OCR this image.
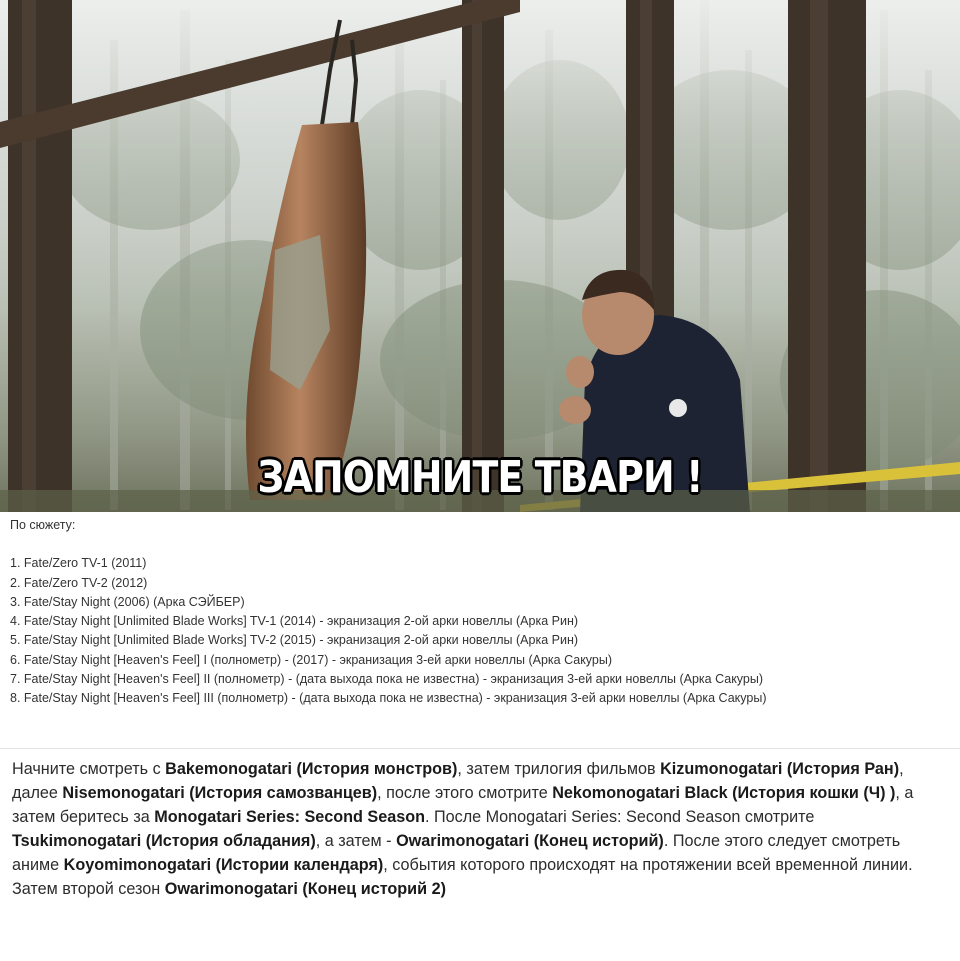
ЗАПОМНИТЕ ТВАРИ !
По сюжету:
1. Fate/Zero TV-1 (2011)
2. Fate/Zero TV-2 (2012)
3. Fate/Stay Night (2006) (Арка СЭЙБЕР)
4. Fate/Stay Night [Unlimited Blade Works] TV-1 (2014) - экранизация 2-ой арки новеллы (Арка Рин)
5. Fate/Stay Night [Unlimited Blade Works] TV-2 (2015) - экранизация 2-ой арки новеллы (Арка Рин)
6. Fate/Stay Night [Heaven's Feel] I (полнометр) - (2017) - экранизация 3-ей арки новеллы (Арка Сакуры)
7. Fate/Stay Night [Heaven's Feel] II (полнометр) - (дата выхода пока не известна) - экранизация 3-ей арки новеллы (Арка Сакуры)
8. Fate/Stay Night [Heaven's Feel] III (полнометр) - (дата выхода пока не известна) - экранизация 3-ей арки новеллы (Арка Сакуры)
Начните смотреть с Bakemonogatari (История монстров), затем трилогия фильмов Kizumonogatari (История Ран), далее Nisemonogatari (История самозванцев), после этого смотрите Nekomonogatari Black (История кошки (Ч) ), а затем беритесь за Monogatari Series: Second Season. После Monogatari Series: Second Season смотрите Tsukimonogatari (История обладания), а затем - Owarimonogatari (Конец историй). После этого следует смотреть аниме Koyomimonogatari (Истории календаря), события которого происходят на протяжении всей временной линии. Затем второй сезон Owarimonogatari (Конец историй 2)
